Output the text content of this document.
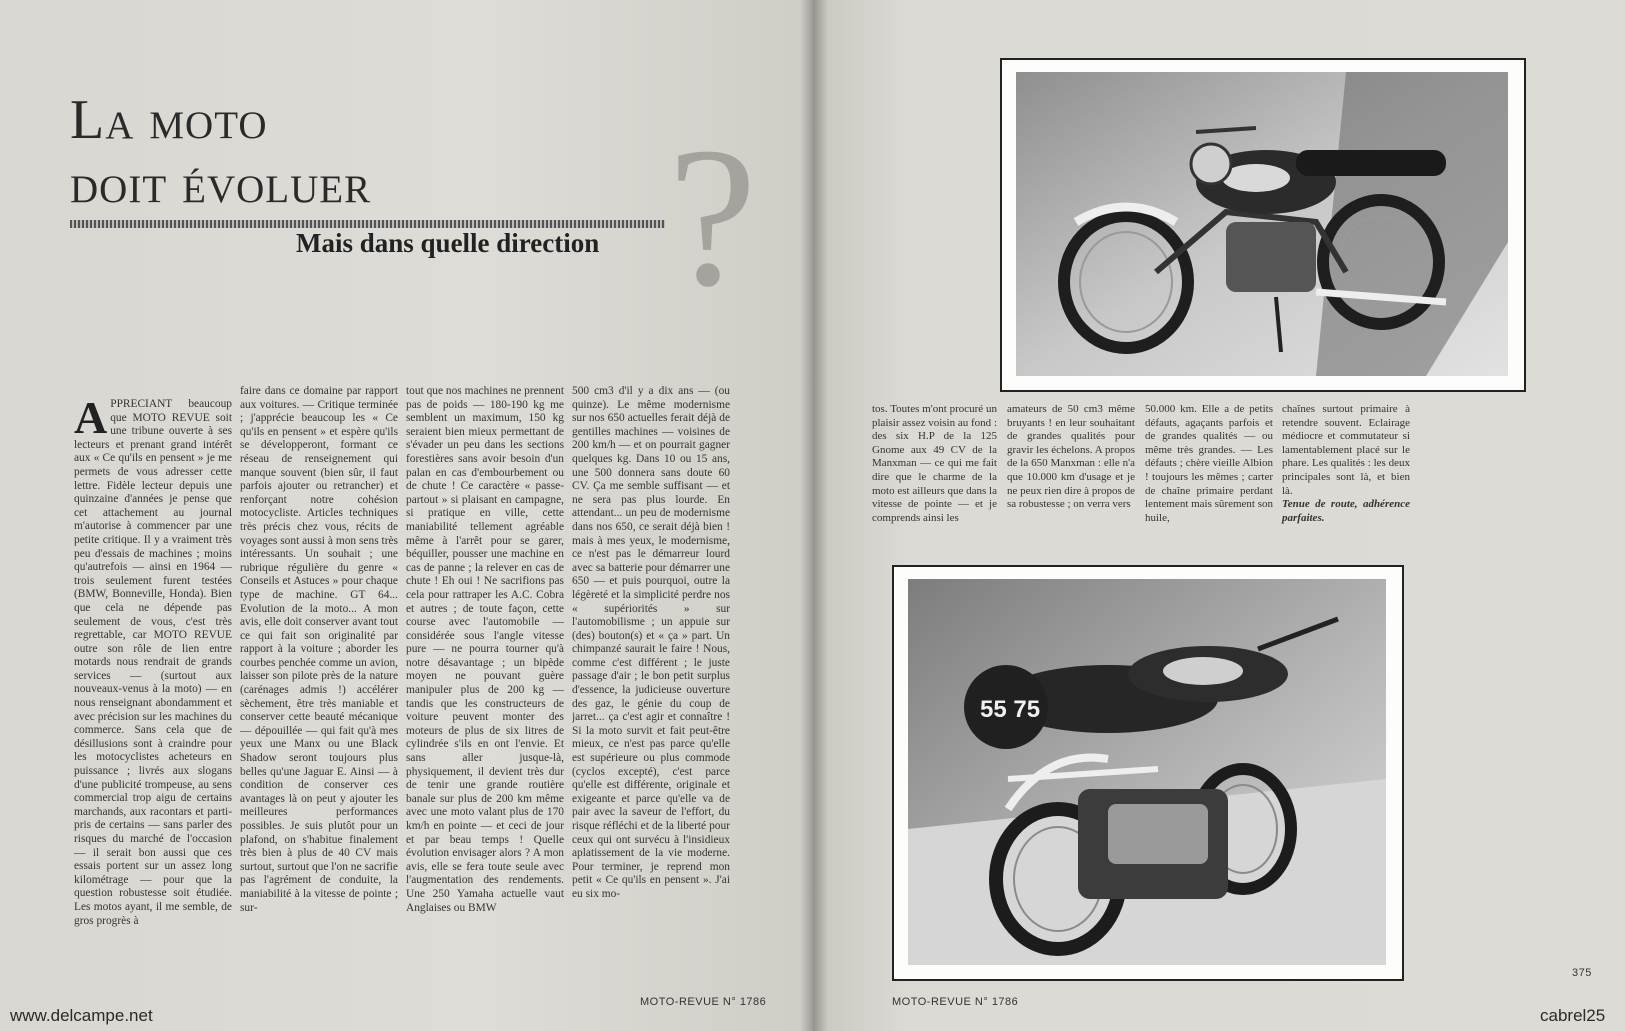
La moto
doit évoluer ?
Mais dans quelle direction
APPRECIANT beaucoup que MOTO REVUE soit une tribune ouverte à ses lecteurs et prenant grand intérêt aux « Ce qu'ils en pensent » je me permets de vous adresser cette lettre. Fidèle lecteur depuis une quinzaine d'années je pense que cet attachement au journal m'autorise à commencer par une petite critique. Il y a vraiment très peu d'essais de machines ; moins qu'autrefois — ainsi en 1964 — trois seulement furent testées (BMW, Bonneville, Honda). Bien que cela ne dépende pas seulement de vous, c'est très regrettable, car MOTO REVUE outre son rôle de lien entre motards nous rendrait de grands services — (surtout aux nouveaux-venus à la moto) — en nous renseignant abondamment et avec précision sur les machines du commerce. Sans cela que de désillusions sont à craindre pour les motocyclistes acheteurs en puissance ; livrés aux slogans d'une publicité trompeuse, au sens commercial trop aigu de certains marchands, aux racontars et parti-pris de certains — sans parler des risques du marché de l'occasion — il serait bon aussi que ces essais portent sur un assez long kilométrage — pour que la question robustesse soit étudiée. Les motos ayant, il me semble, de gros progrès à
faire dans ce domaine par rapport aux voitures. — Critique terminée ; j'apprécie beaucoup les « Ce qu'ils en pensent » et espère qu'ils se développeront, formant ce réseau de renseignement qui manque souvent (bien sûr, il faut parfois ajouter ou retrancher) et renforçant notre cohésion motocycliste. Articles techniques très précis chez vous, récits de voyages sont aussi à mon sens très intéressants. Un souhait ; une rubrique régulière du genre « Conseils et Astuces » pour chaque type de machine. GT 64... Evolution de la moto... A mon avis, elle doit conserver avant tout ce qui fait son originalité par rapport à la voiture ; aborder les courbes penchée comme un avion, laisser son pilote près de la nature (carénages admis !) accélérer sèchement, être très maniable et conserver cette beauté mécanique — dépouillée — qui fait qu'à mes yeux une Manx ou une Black Shadow seront toujours plus belles qu'une Jaguar E. Ainsi — à condition de conserver ces avantages là on peut y ajouter les meilleures performances possibles. Je suis plutôt pour un plafond, on s'habitue finalement très bien à plus de 40 CV mais surtout, surtout que l'on ne sacrifie pas l'agrément de conduite, la maniabilité à la vitesse de pointe ; sur-
tout que nos machines ne prennent pas de poids — 180-190 kg me semblent un maximum, 150 kg seraient bien mieux permettant de s'évader un peu dans les sections forestières sans avoir besoin d'un palan en cas d'embourbement ou de chute ! Ce caractère « passe-partout » si plaisant en campagne, si pratique en ville, cette maniabilité tellement agréable même à l'arrêt pour se garer, béquiller, pousser une machine en cas de panne ; la relever en cas de chute ! Eh oui ! Ne sacrifions pas cela pour rattraper les A.C. Cobra et autres ; de toute façon, cette course avec l'automobile — considérée sous l'angle vitesse pure — ne pourra tourner qu'à notre désavantage ; un bipède moyen ne pouvant guère manipuler plus de 200 kg — tandis que les constructeurs de voiture peuvent monter des moteurs de plus de six litres de cylindrée s'ils en ont l'envie. Et sans aller jusque-là, physiquement, il devient très dur de tenir une grande routière banale sur plus de 200 km même avec une moto valant plus de 170 km/h en pointe — et ceci de jour et par beau temps ! Quelle évolution envisager alors ? A mon avis, elle se fera toute seule avec l'augmentation des rendements. Une 250 Yamaha actuelle vaut Anglaises ou BMW
500 cm3 d'il y a dix ans — (ou quinze). Le même modernisme sur nos 650 actuelles ferait déjà de gentilles machines — voisines de 200 km/h — et on pourrait gagner quelques kg. Dans 10 ou 15 ans, une 500 donnera sans doute 60 CV. Ça me semble suffisant — et ne sera pas plus lourde. En attendant... un peu de modernisme dans nos 650, ce serait déjà bien ! mais à mes yeux, le modernisme, ce n'est pas le démarreur lourd avec sa batterie pour démarrer une 650 — et puis pourquoi, outre la légèreté et la simplicité perdre nos « supériorités » sur l'automobilisme ; un appuie sur (des) bouton(s) et « ça » part. Un chimpanzé saurait le faire ! Nous, comme c'est différent ; le juste passage d'air ; le bon petit surplus d'essence, la judicieuse ouverture des gaz, le génie du coup de jarret... ça c'est agir et connaître ! Si la moto survit et fait peut-être mieux, ce n'est pas parce qu'elle est supérieure ou plus commode (cyclos excepté), c'est parce qu'elle est différente, originale et exigeante et parce qu'elle va de pair avec la saveur de l'effort, du risque réfléchi et de la liberté pour ceux qui ont survécu à l'insidieux aplatissement de la vie moderne. Pour terminer, je reprend mon petit « Ce qu'ils en pensent ». J'ai eu six mo-
MOTO-REVUE N° 1786
tos. Toutes m'ont procuré un plaisir assez voisin au fond : des six H.P de la 125 Gnome aux 49 CV de la Manxman — ce qui me fait dire que le charme de la moto est ailleurs que dans la vitesse de pointe — et je comprends ainsi les
amateurs de 50 cm3 même bruyants ! en leur souhaitant de grandes qualités pour gravir les échelons. A propos de la 650 Manxman : elle n'a que 10.000 km d'usage et je ne peux rien dire à propos de sa robustesse ; on verra vers
50.000 km. Elle a de petits défauts, agaçants parfois et de grandes qualités — ou même très grandes. — Les défauts ; chère vieille Albion ! toujours les mêmes ; carter de chaîne primaire perdant lentement mais sûrement son huile,
chaînes surtout primaire à retendre souvent. Eclairage médiocre et commutateur si lamentablement placé sur le phare. Les qualités : les deux principales sont là, et bien là.
Tenue de route, adhérence parfaites.
55 75
MOTO-REVUE N° 1786
375
www.delcampe.net	cabrel25
